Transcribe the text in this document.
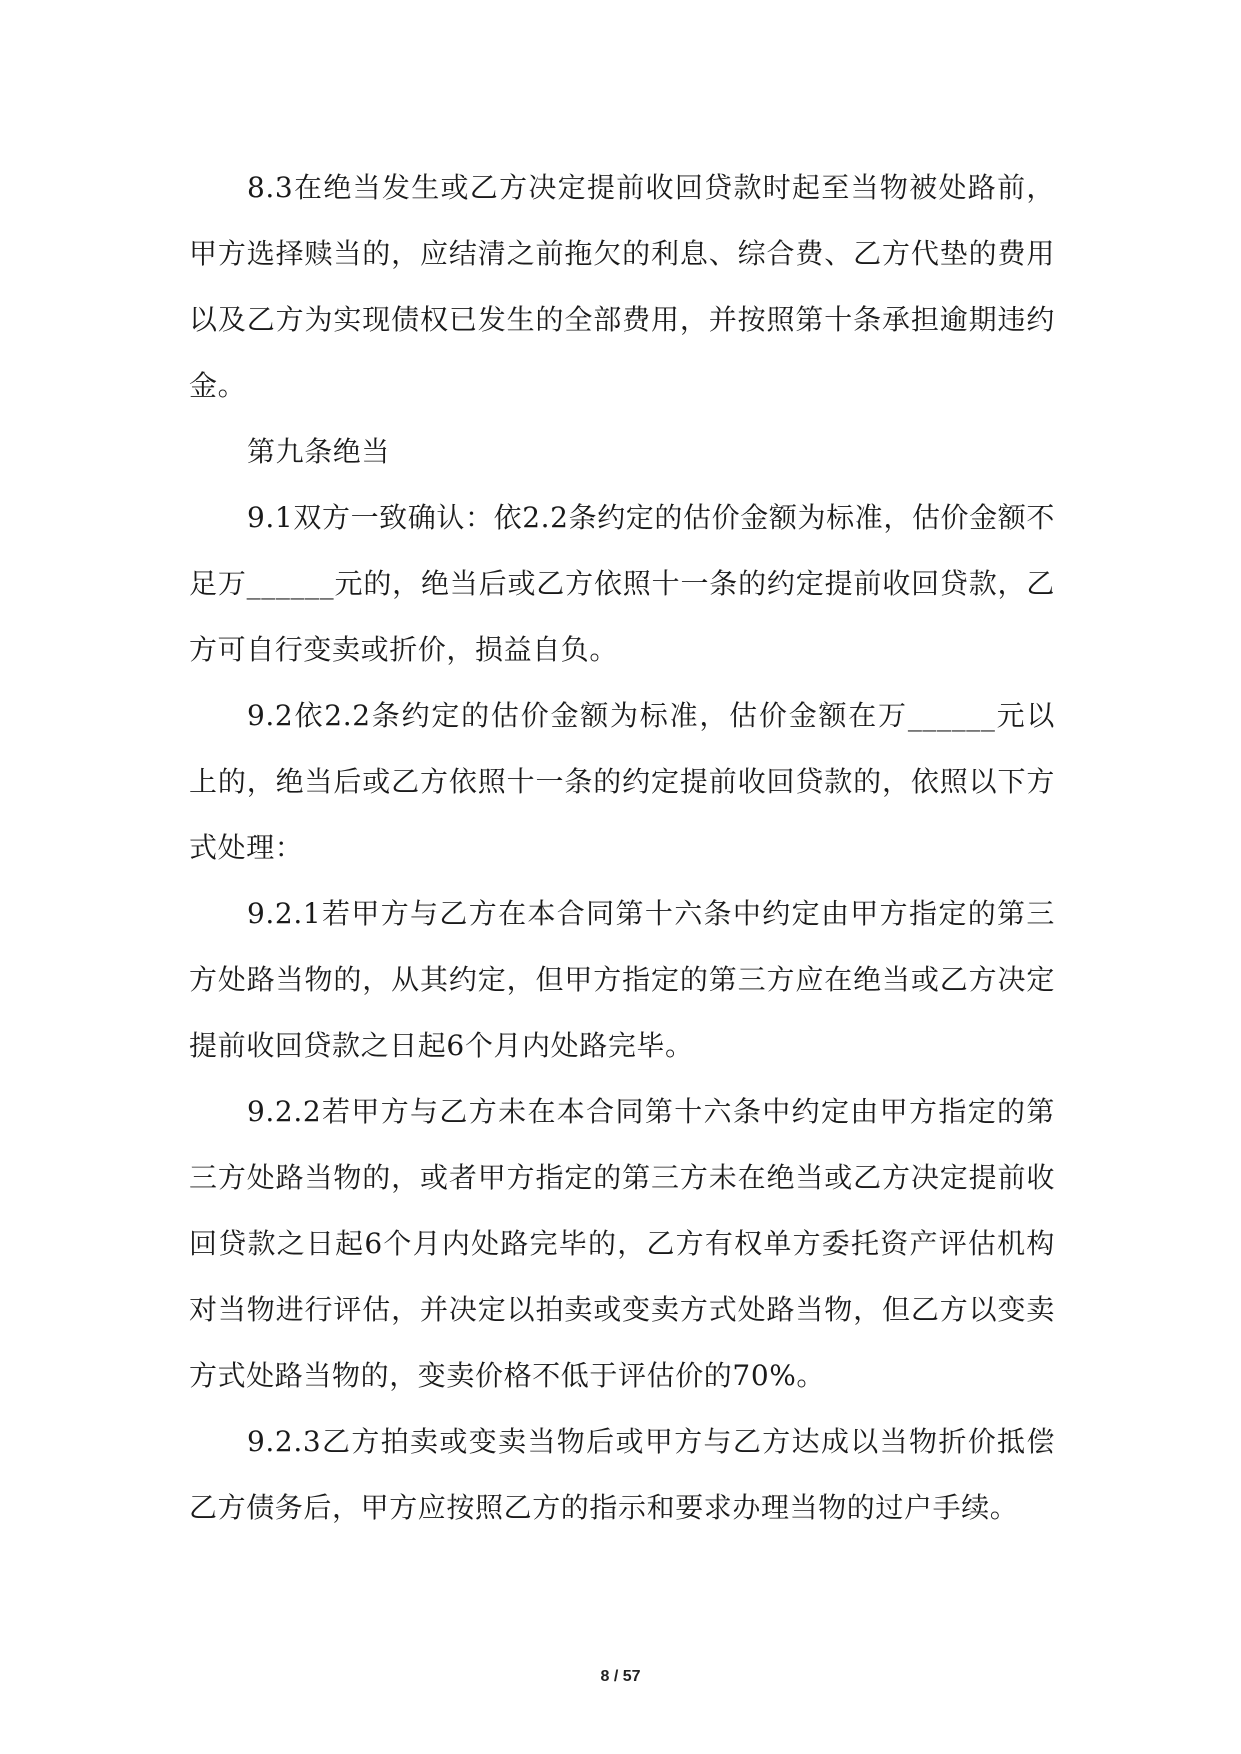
8.3在绝当发生或乙方决定提前收回贷款时起至当物被处路前，甲方选择赎当的，应结清之前拖欠的利息、综合费、乙方代垫的费用以及乙方为实现债权已发生的全部费用，并按照第十条承担逾期违约金。

第九条绝当

9.1双方一致确认：依2.2条约定的估价金额为标准，估价金额不足万______元的，绝当后或乙方依照十一条的约定提前收回贷款，乙方可自行变卖或折价，损益自负。

9.2依2.2条约定的估价金额为标准，估价金额在万______元以上的，绝当后或乙方依照十一条的约定提前收回贷款的，依照以下方式处理：

9.2.1若甲方与乙方在本合同第十六条中约定由甲方指定的第三方处路当物的，从其约定，但甲方指定的第三方应在绝当或乙方决定提前收回贷款之日起6个月内处路完毕。

9.2.2若甲方与乙方未在本合同第十六条中约定由甲方指定的第三方处路当物的，或者甲方指定的第三方未在绝当或乙方决定提前收回贷款之日起6个月内处路完毕的，乙方有权单方委托资产评估机构对当物进行评估，并决定以拍卖或变卖方式处路当物，但乙方以变卖方式处路当物的，变卖价格不低于评估价的70%。

9.2.3乙方拍卖或变卖当物后或甲方与乙方达成以当物折价抵偿乙方债务后，甲方应按照乙方的指示和要求办理当物的过户手续。

8 / 57
